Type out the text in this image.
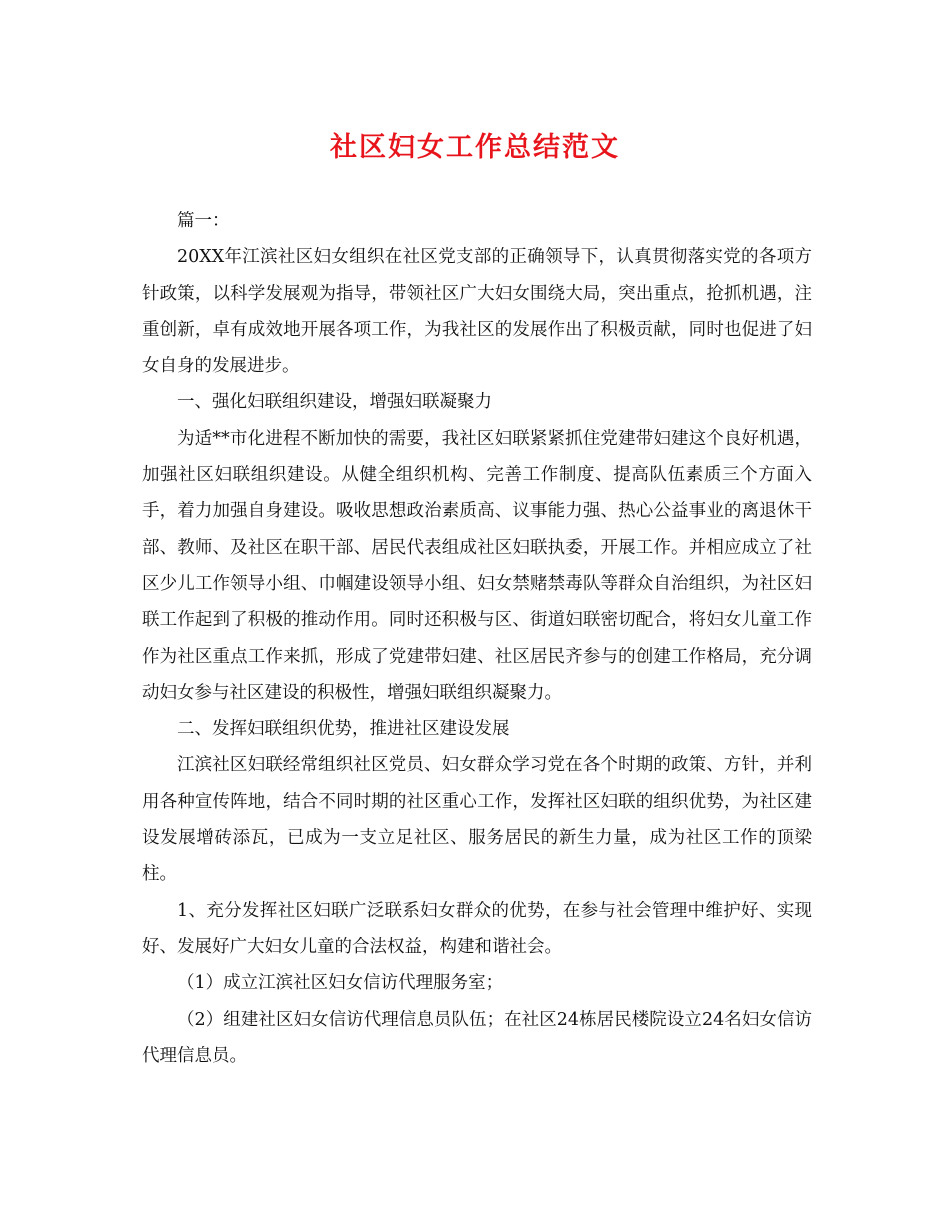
社区妇女工作总结范文

篇一：

20XX年江滨社区妇女组织在社区党支部的正确领导下，认真贯彻落实党的各项方针政策，以科学发展观为指导，带领社区广大妇女围绕大局，突出重点，抢抓机遇，注重创新，卓有成效地开展各项工作，为我社区的发展作出了积极贡献，同时也促进了妇女自身的发展进步。

一、强化妇联组织建设，增强妇联凝聚力

为适**市化进程不断加快的需要，我社区妇联紧紧抓住党建带妇建这个良好机遇，加强社区妇联组织建设。从健全组织机构、完善工作制度、提高队伍素质三个方面入手，着力加强自身建设。吸收思想政治素质高、议事能力强、热心公益事业的离退休干部、教师、及社区在职干部、居民代表组成社区妇联执委，开展工作。并相应成立了社区少儿工作领导小组、巾帼建设领导小组、妇女禁赌禁毒队等群众自治组织，为社区妇联工作起到了积极的推动作用。同时还积极与区、街道妇联密切配合，将妇女儿童工作作为社区重点工作来抓，形成了党建带妇建、社区居民齐参与的创建工作格局，充分调动妇女参与社区建设的积极性，增强妇联组织凝聚力。

二、发挥妇联组织优势，推进社区建设发展

江滨社区妇联经常组织社区党员、妇女群众学习党在各个时期的政策、方针，并利用各种宣传阵地，结合不同时期的社区重心工作，发挥社区妇联的组织优势，为社区建设发展增砖添瓦，已成为一支立足社区、服务居民的新生力量，成为社区工作的顶梁柱。

1、充分发挥社区妇联广泛联系妇女群众的优势，在参与社会管理中维护好、实现好、发展好广大妇女儿童的合法权益，构建和谐社会。

（1）成立江滨社区妇女信访代理服务室；

（2）组建社区妇女信访代理信息员队伍；在社区24栋居民楼院设立24名妇女信访代理信息员。
